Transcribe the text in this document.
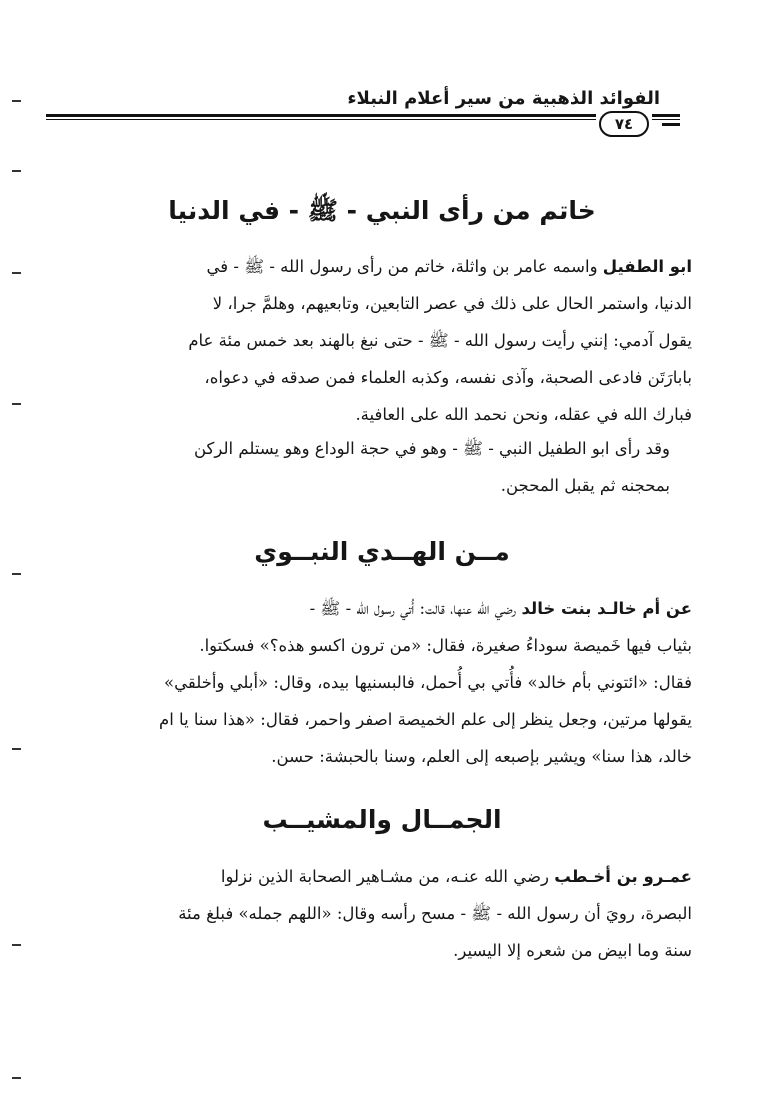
الفوائد الذهبية من سير أعلام النبلاء
٧٤
خاتم من رأى النبي - ﷺ - في الدنيا
ابو الطفيل واسمه عامر بن واثلة، خاتم من رأى رسول الله - ﷺ - في
الدنيا، واستمر الحال على ذلك في عصر التابعين، وتابعيهم، وهلمَّ جرا، لا
يقول آدمي: إنني رأيت رسول الله - ﷺ - حتى نبغ بالهند بعد خمس مئة عام
بابارَتَن فادعى الصحبة، وآذى نفسه، وكذبه العلماء فمن صدقه في دعواه،
فبارك الله في عقله، ونحن نحمد الله على العافية.
وقد رأى ابو الطفيل النبي - ﷺ - وهو في حجة الوداع وهو يستلم الركن
بمحجنه ثم يقبل المحجن.
مــن الهــدي النبــوي
عن أم خالـد بنت خالد رضي الله عنها، قالت: أُتي رسول الله - ﷺ -
بثياب فيها خَميصة سوداءُ صغيرة، فقال: «من ترون اكسو هذه؟» فسكتوا.
فقال: «ائتوني بأم خالد» فأُتي بي أُحمل، فالبسنيها بيده، وقال: «أبلي وأخلقي»
يقولها مرتين، وجعل ينظر إلى علم الخميصة اصفر واحمر، فقال: «هذا سنا يا ام
خالد، هذا سنا» ويشير بإصبعه إلى العلم، وسنا بالحبشة: حسن.
الجمــال والمشيــب
عمـرو بن أخـطب رضي الله عنـه، من مشـاهير الصحابة الذين نزلوا
البصرة، رويَ أن رسول الله - ﷺ - مسح رأسه وقال: «اللهم جمله» فبلغ مئة
سنة وما ابيض من شعره إلا اليسير.
